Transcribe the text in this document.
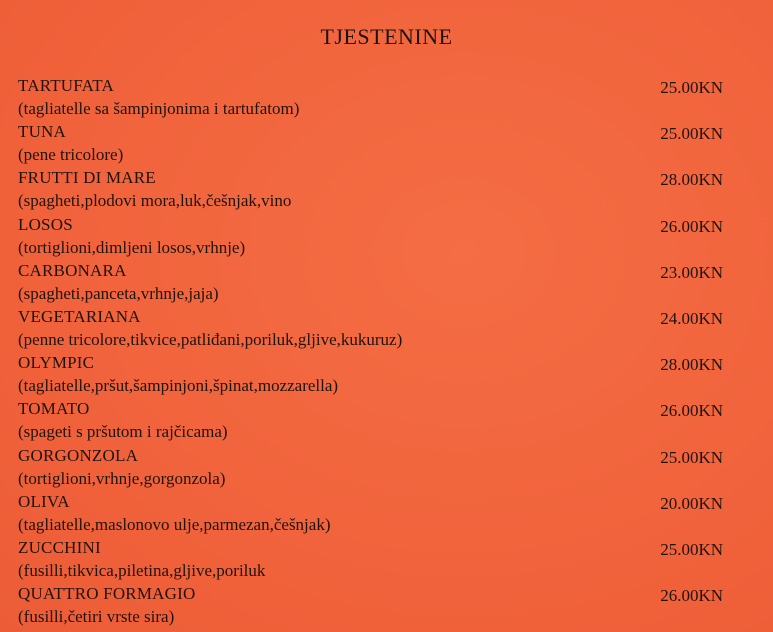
TJESTENINE
TARTUFATA
(tagliatelle sa šampinjonima i tartufatom)
25.00KN
TUNA
(pene tricolore)
25.00KN
FRUTTI DI MARE
(spagheti,plodovi mora,luk,češnjak,vino
28.00KN
LOSOS
(tortiglioni,dimljeni losos,vrhnje)
26.00KN
CARBONARA
(spagheti,panceta,vrhnje,jaja)
23.00KN
VEGETARIANA
(penne tricolore,tikvice,patliđani,poriluk,gljive,kukuruz)
24.00KN
OLYMPIC
(tagliatelle,pršut,šampinjoni,špinat,mozzarella)
28.00KN
TOMATO
(spageti s pršutom i rajčicama)
26.00KN
GORGONZOLA
(tortiglioni,vrhnje,gorgonzola)
25.00KN
OLIVA
(tagliatelle,maslonovo ulje,parmezan,češnjak)
20.00KN
ZUCCHINI
(fusilli,tikvica,piletina,gljive,poriluk
25.00KN
QUATTRO FORMAGIO
(fusilli,četiri vrste sira)
26.00KN
